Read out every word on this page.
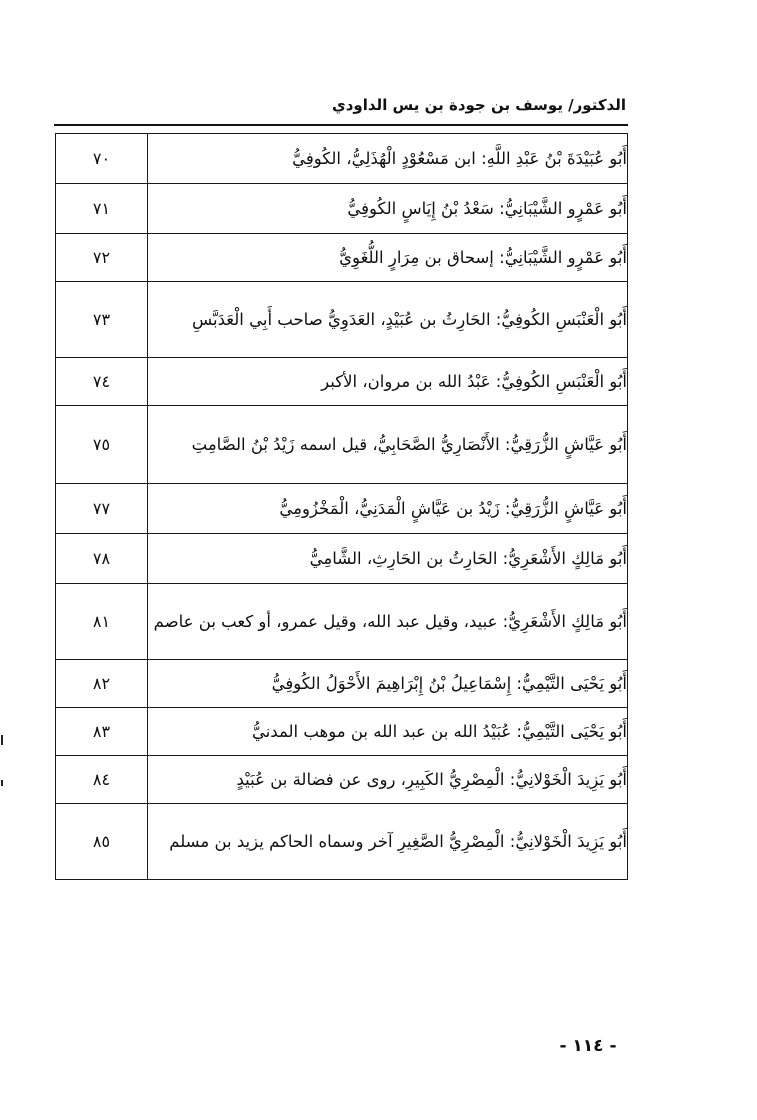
الدكتور/ يوسف بن جودة بن يس الداودي
أَبُو عُبَيْدَةَ بْنُ عَبْدِ اللَّهِ: ابن مَسْعُوْدٍ الْهُذَلِيُّ، الكُوفِيُّ	٧٠
أَبُو عَمْرٍو الشَّيْبَانِيُّ: سَعْدُ بْنُ إِيَاسٍ الكُوفِيُّ	٧١
أَبُو عَمْرٍو الشَّيْبَانِيُّ: إسحاق بن مِرَارٍ اللُّغَوِيُّ	٧٢
أَبُو الْعَنْبَسِ الكُوفِيُّ: الحَارِثُ بن عُبَيْدٍ، العَدَوِيُّ صاحب أَبِي الْعَدَبَّسِ	٧٣
أَبُو الْعَنْبَسِ الكُوفِيُّ: عَبْدُ الله بن مروان، الأكبر	٧٤
أَبُو عَيَّاشٍ الزُّرَقِيُّ: الأَنْصَارِيُّ الصَّحَابِيُّ، قيل اسمه زَيْدُ بْنُ الصَّامِتِ	٧٥
أَبُو عَيَّاشٍ الزُّرَقِيُّ: زَيْدُ بن عَيَّاشٍ الْمَدَنِيُّ، الْمَخْزُومِيُّ	٧٧
أَبُو مَالِكٍ الأَشْعَرِيُّ: الحَارِثُ بن الحَارِثِ، الشَّامِيُّ	٧٨
أَبُو مَالِكٍ الأَشْعَرِيُّ: عبيد، وقيل عبد الله، وقيل عمرو، أو كعب بن عاصم	٨١
أَبُو يَحْيَى التَّيْمِيُّ: إِسْمَاعِيلُ بْنُ إِبْرَاهِيمَ الأَحْوَلُ الكُوفِيُّ	٨٢
أَبُو يَحْيَى التَّيْمِيُّ: عُبَيْدُ الله بن عبد الله بن موهب المدنيُّ	٨٣
أَبُو يَزِيدَ الْخَوْلانِيُّ: الْمِصْرِيُّ الكَبِيرِ، روى عن فضالة بن عُبَيْدٍ	٨٤
أَبُو يَزِيدَ الْخَوْلانِيُّ: الْمِصْرِيُّ الصَّغِيرِ آخر وسماه الحاكم يزيد بن مسلم	٨٥
- ١١٤ -
